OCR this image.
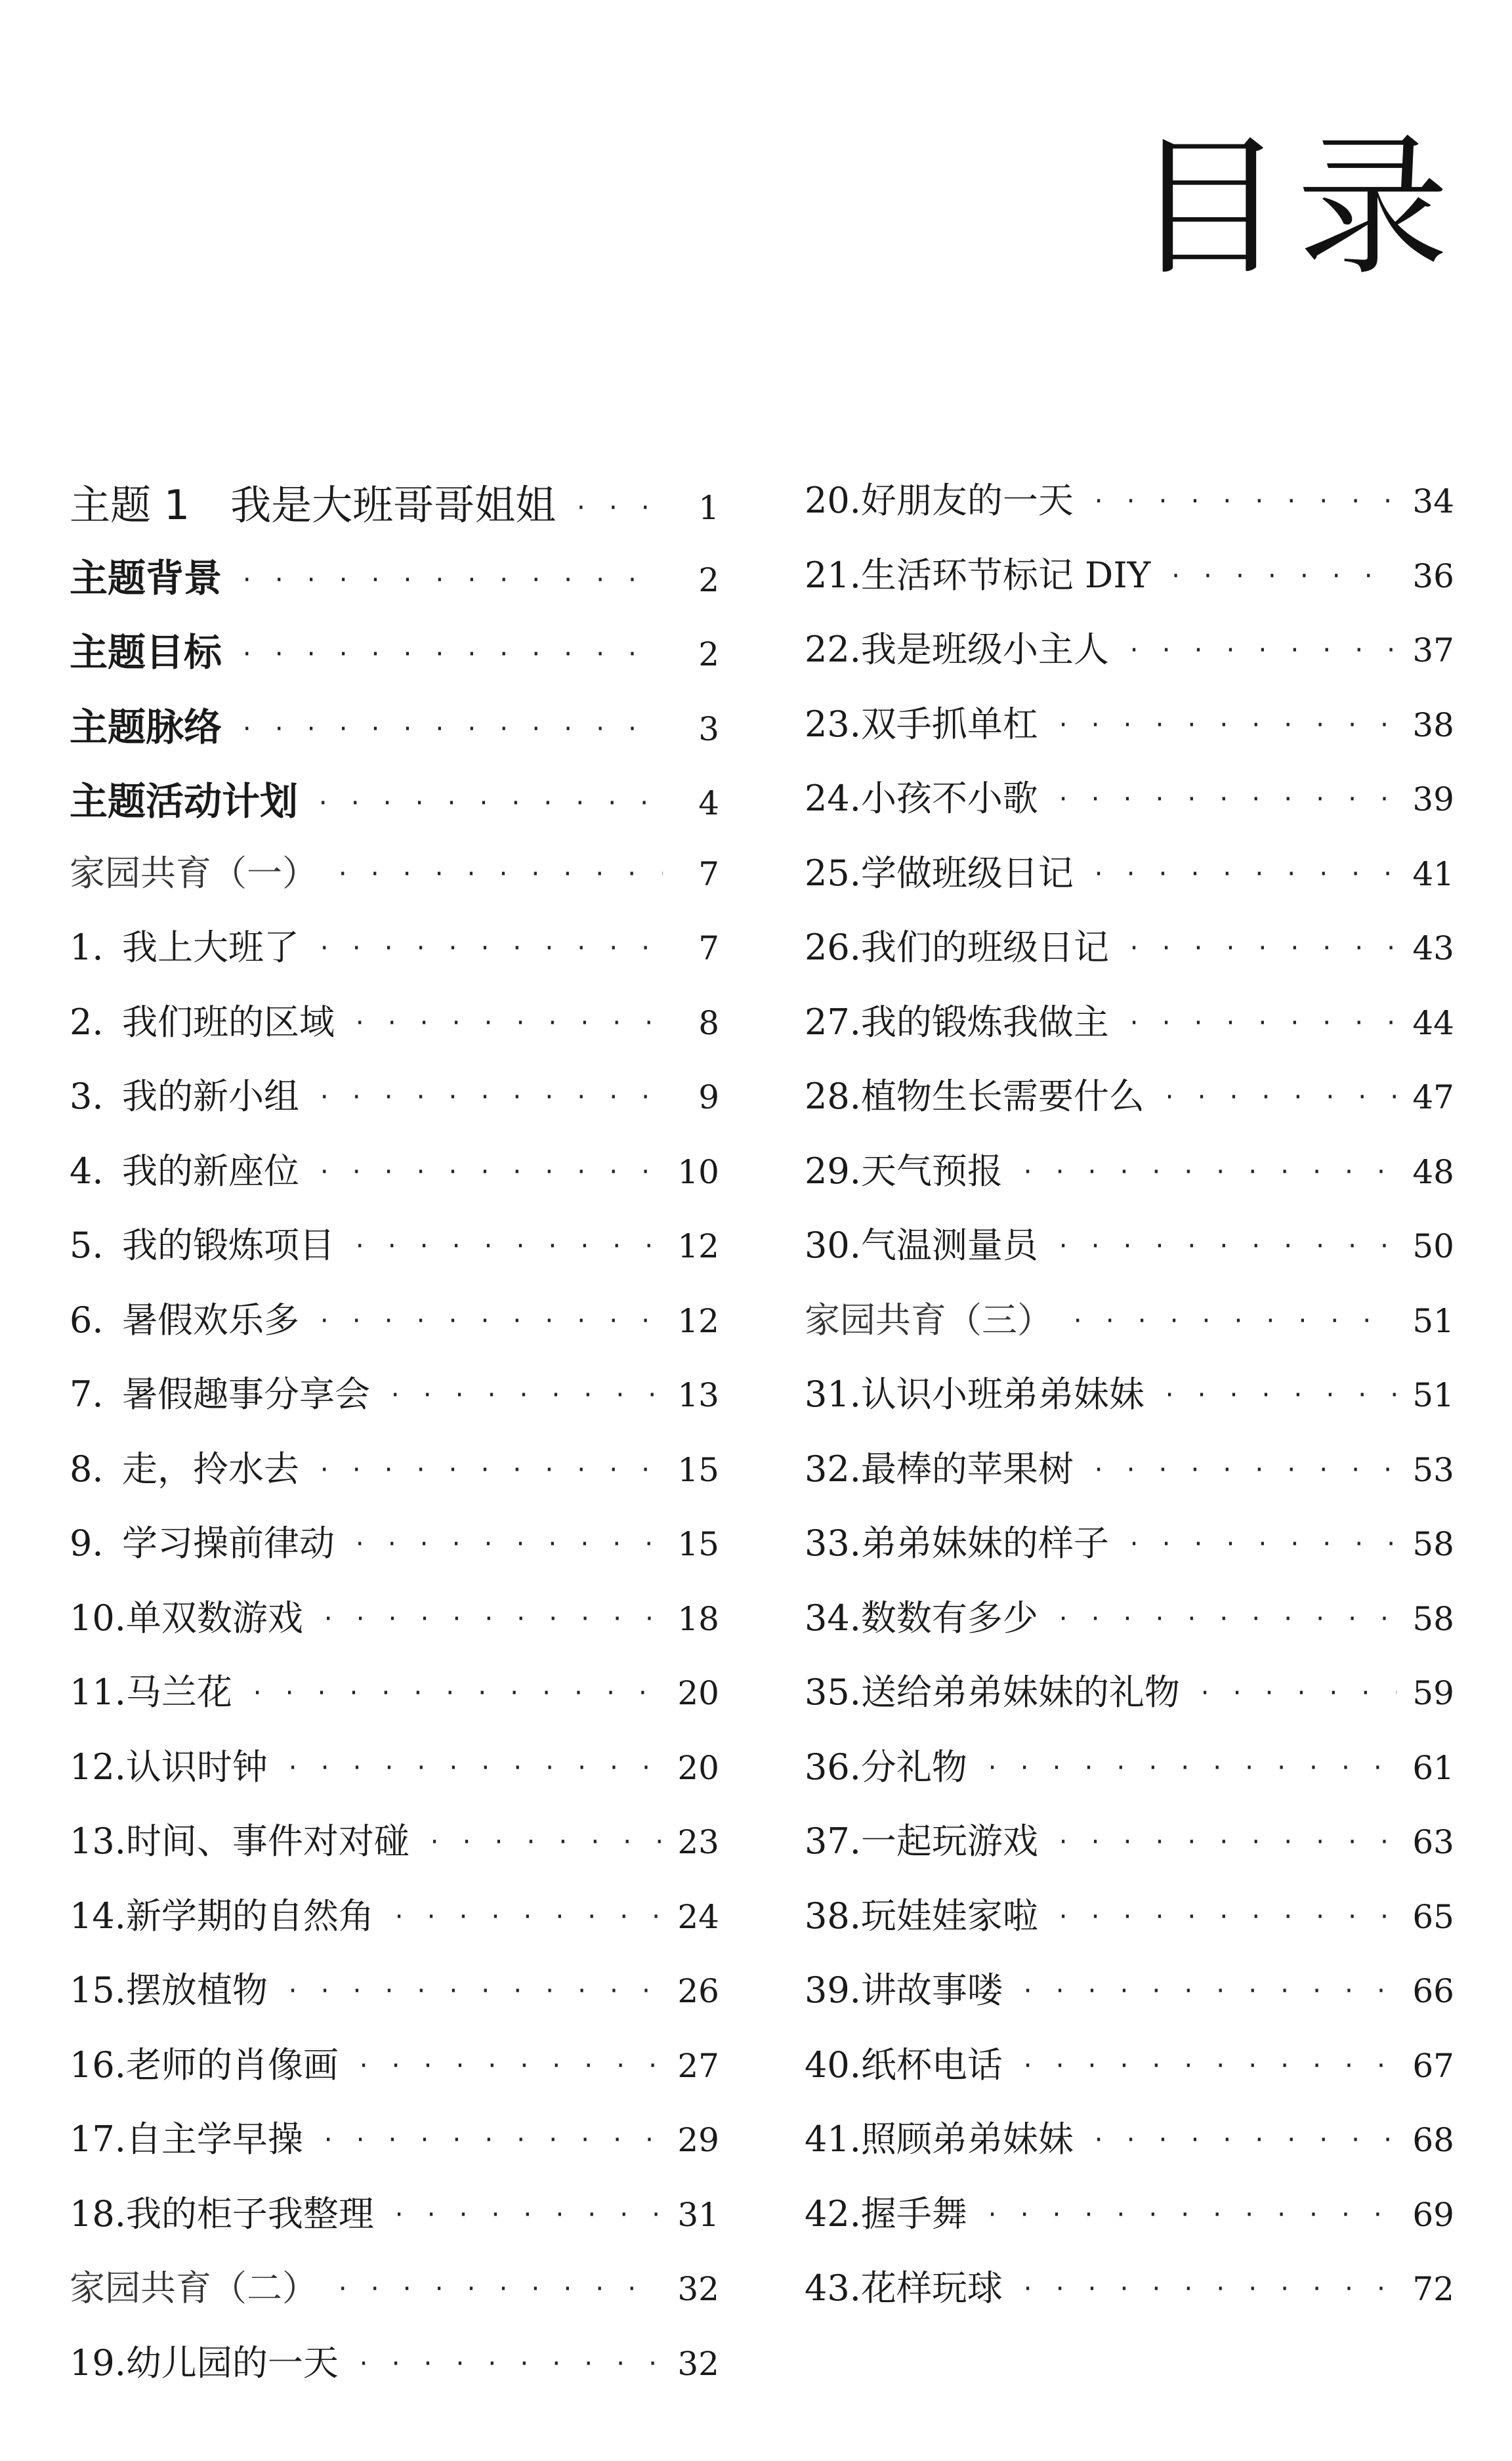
目录
主题 1　我是大班哥哥姐姐 · · ·	1
主题背景 · · ·	2
主题目标 · · ·	2
主题脉络 · · ·	3
主题活动计划 · · ·	4
家园共育（一） · · ·	7
1. 我上大班了 · · ·	7
2. 我们班的区域 · · ·	8
3. 我的新小组 · · ·	9
4. 我的新座位 · · ·	10
5. 我的锻炼项目 · · ·	12
6. 暑假欢乐多 · · ·	12
7. 暑假趣事分享会 · · ·	13
8. 走，拎水去 · · ·	15
9. 学习操前律动 · · ·	15
10. 单双数游戏 · · ·	18
11. 马兰花 · · ·	20
12. 认识时钟 · · ·	20
13. 时间、事件对对碰 · · ·	23
14. 新学期的自然角 · · ·	24
15. 摆放植物 · · ·	26
16. 老师的肖像画 · · ·	27
17. 自主学早操 · · ·	29
18. 我的柜子我整理 · · ·	31
家园共育（二） · · ·	32
19. 幼儿园的一天 · · ·	32
20. 好朋友的一天 · · ·	34
21. 生活环节标记 DIY · · ·	36
22. 我是班级小主人 · · ·	37
23. 双手抓单杠 · · ·	38
24. 小孩不小歌 · · ·	39
25. 学做班级日记 · · ·	41
26. 我们的班级日记 · · ·	43
27. 我的锻炼我做主 · · ·	44
28. 植物生长需要什么 · · ·	47
29. 天气预报 · · ·	48
30. 气温测量员 · · ·	50
家园共育（三） · · ·	51
31. 认识小班弟弟妹妹 · · ·	51
32. 最棒的苹果树 · · ·	53
33. 弟弟妹妹的样子 · · ·	58
34. 数数有多少 · · ·	58
35. 送给弟弟妹妹的礼物 · · ·	59
36. 分礼物 · · ·	61
37. 一起玩游戏 · · ·	63
38. 玩娃娃家啦 · · ·	65
39. 讲故事喽 · · ·	66
40. 纸杯电话 · · ·	67
41. 照顾弟弟妹妹 · · ·	68
42. 握手舞 · · ·	69
43. 花样玩球 · · ·	72
